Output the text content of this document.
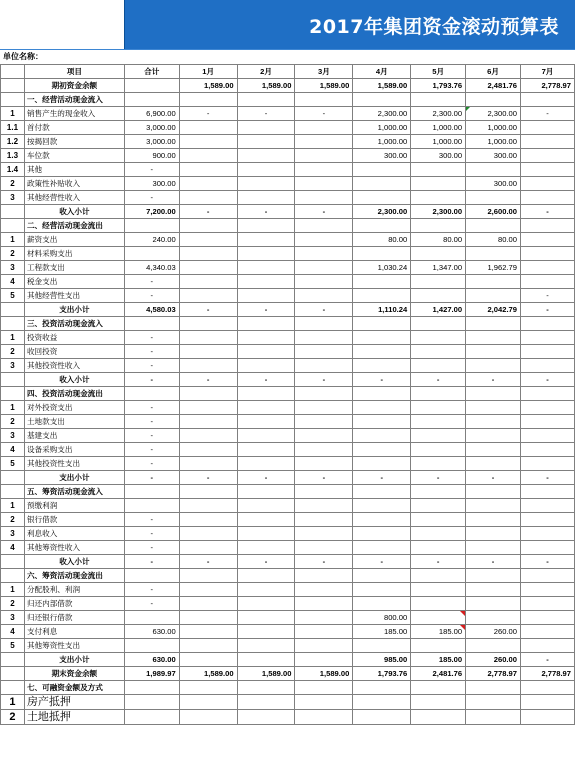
2017年集团资金滚动预算表
单位名称：
	项目	合计	1月	2月	3月	4月	5月	6月	7月
	期初资金余额		1,589.00	1,589.00	1,589.00	1,589.00	1,793.76	2,481.76	2,778.97
	一、经营活动现金流入								
1	销售产生的现金收入	6,900.00	-	-	-	2,300.00	2,300.00	2,300.00	-
1.1	首付款	3,000.00				1,000.00	1,000.00	1,000.00	
1.2	按揭回款	3,000.00				1,000.00	1,000.00	1,000.00	
1.3	车位款	900.00				300.00	300.00	300.00	
1.4	其他	-							
2	政策性补贴收入	300.00						300.00	
3	其他经营性收入	-							
	收入小计	7,200.00	-	-	-	2,300.00	2,300.00	2,600.00	-
	二、经营活动现金流出								
1	薪资支出	240.00				80.00	80.00	80.00	
2	材料采购支出								
3	工程款支出	4,340.03				1,030.24	1,347.00	1,962.79	
4	税金支出	-							
5	其他经营性支出	-							-
	支出小计	4,580.03	-	-	-	1,110.24	1,427.00	2,042.79	-
	三、投资活动现金流入								
1	投资收益	-							
2	收回投资	-							
3	其他投资性收入	-							
	收入小计	-	-	-	-	-	-	-	-
	四、投资活动现金流出								
1	对外投资支出	-							
2	土地款支出	-							
3	基建支出	-							
4	设备采购支出	-							
5	其他投资性支出	-							
	支出小计	-	-	-	-	-	-	-	-
	五、筹资活动现金流入								
1	预缴利润								
2	银行借款	-							
3	利息收入	-							
4	其他筹资性收入	-							
	收入小计	-	-	-	-	-	-	-	-
	六、筹资活动现金流出								
1	分配股利、利润	-							
2	归还内部借款	-							
3	归还银行借款					800.00			
4	支付利息	630.00				185.00	185.00	260.00	
5	其他筹资性支出								
	支出小计	630.00				985.00	185.00	260.00	-
	期末资金余额	1,989.97	1,589.00	1,589.00	1,589.00	1,793.76	2,481.76	2,778.97	2,778.97
	七、可融资金额及方式								
1	房产抵押								
2	土地抵押								
